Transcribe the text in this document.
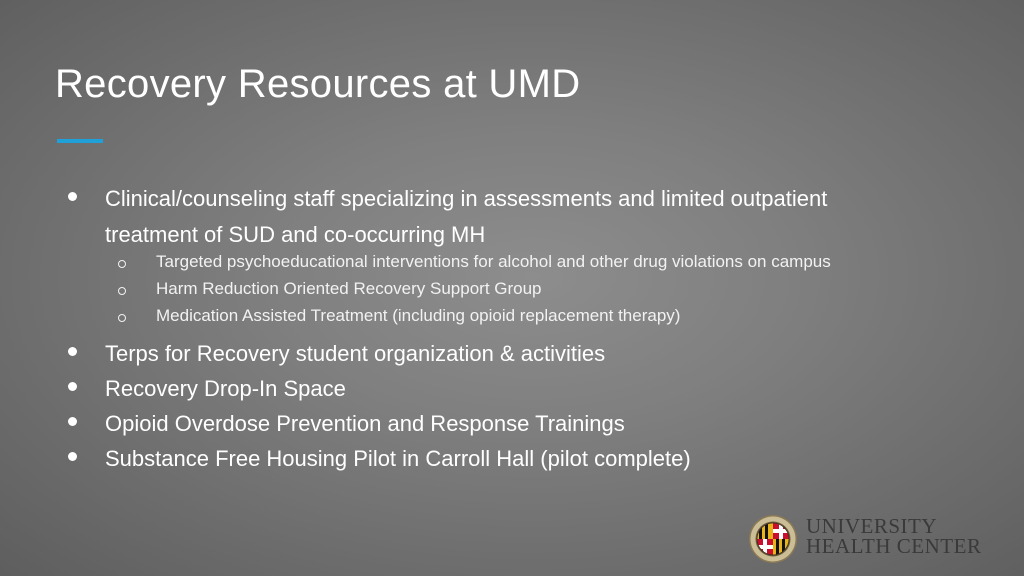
Recovery Resources at UMD
Clinical/counseling staff specializing in assessments and limited outpatient
treatment of SUD and co-occurring MH
Targeted psychoeducational interventions for alcohol and other drug violations on campus
Harm Reduction Oriented Recovery Support Group
Medication Assisted Treatment (including opioid replacement therapy)
Terps for Recovery student organization & activities
Recovery Drop-In Space
Opioid Overdose Prevention and Response Trainings
Substance Free Housing Pilot in Carroll Hall (pilot complete)
UNIVERSITY
HEALTH CENTER
